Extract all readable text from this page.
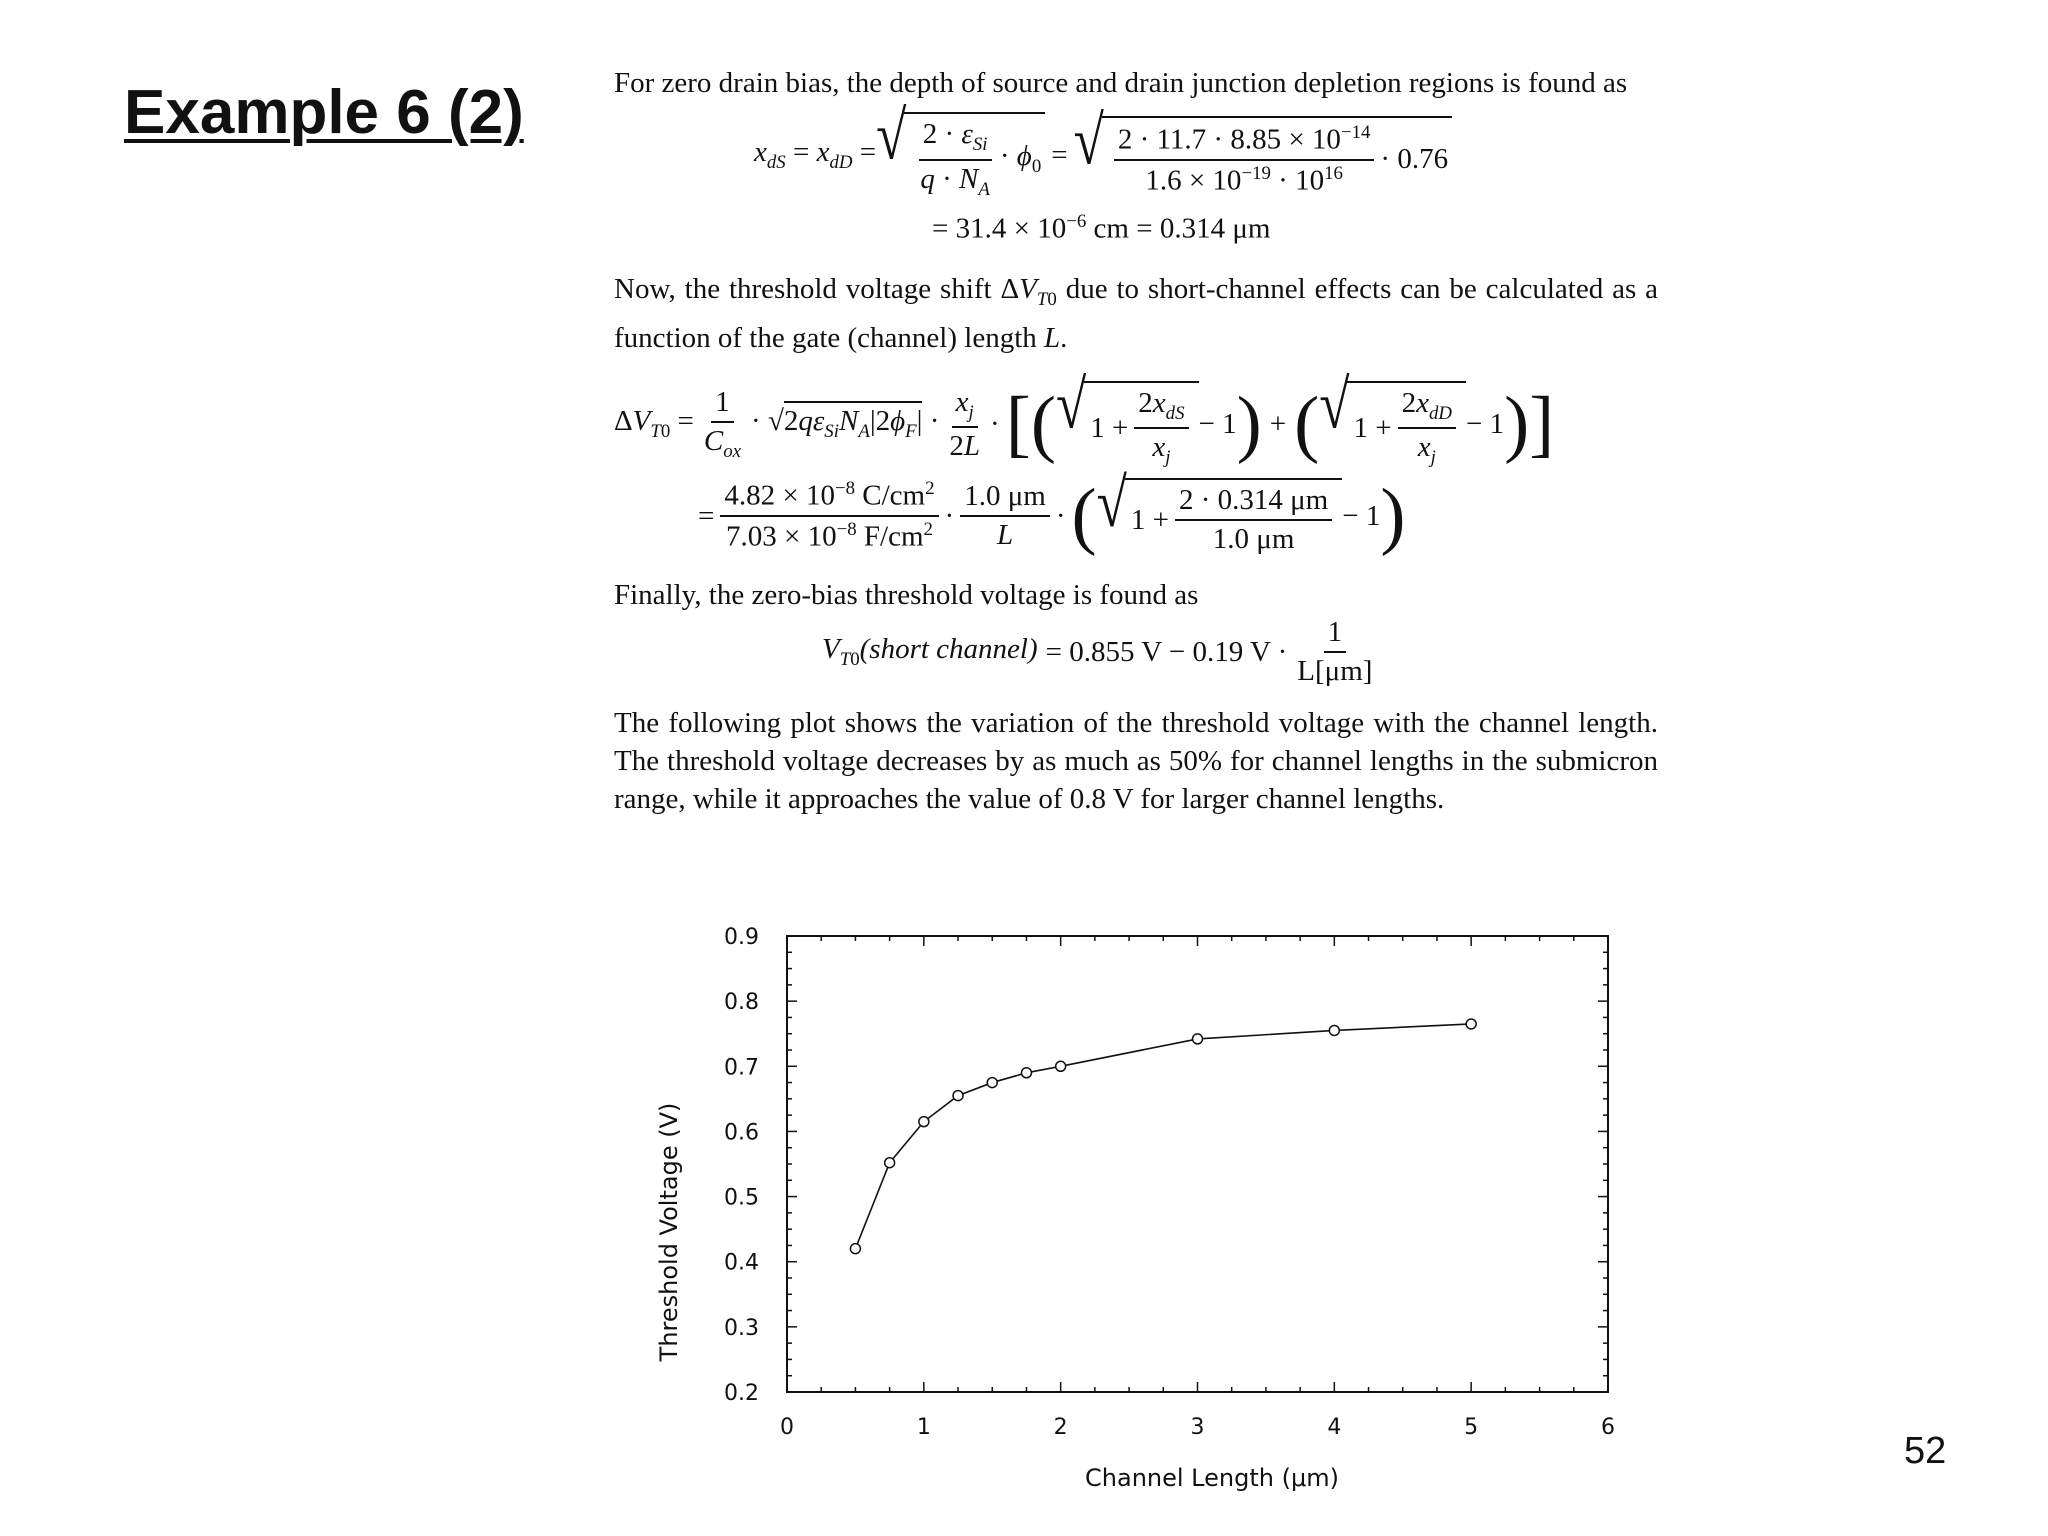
Example 6 (2)	For zero drain bias, the depth of source and drain junction depletion regions is found as

$x_{dS} = x_{dD}$ = √ $\frac{2 \cdot \varepsilon_{Si}}{q \cdot N_A} \cdot \phi_0$ = √ $\frac{2 \cdot 11.7 \cdot 8.85 \times 10^{-14}}{1.6 \times 10^{-19} \cdot 10^{16}} \cdot 0.76$
= $31.4 \times 10^{-6}$ cm = 0.314 μm

Now, the threshold voltage shift $\Delta V_{T0}$ due to short-channel effects can be calculated as a function of the gate (channel) length L.

$\Delta V_{T0} = \frac{1}{C_{ox}} \cdot √2q\varepsilon_{Si}N_A|2\phi_F| \cdot \frac{x_j}{2L}$ · [( √ $1 + \frac{2x_{dS}}{x_j} - 1$ ) + ( √ $1 + \frac{2x_{dD}}{x_j} - 1$ )]
= $\frac{4.82 \times 10^{-8} C/cm^2}{7.03 \times 10^{-8} F/cm^2} \cdot \frac{1.0 \mu m}{L}$ · ( √ $1 + \frac{2 \cdot 0.314 \mu m}{1.0 \mu m} - 1$ )

Finally, the zero-bias threshold voltage is found as

$V_{T0}(short$ channel) = 0.855 V − 0.19 $V \cdot \frac{1}{L[\mu m]}$

The following plot shows the variation of the threshold voltage with the channel length. The threshold voltage decreases by as much as 50% for channel lengths in the submicron range, while it approaches the value of 0.8 V for larger channel lengths.

0	1	2	3	4	5	6
0.2
0.3
0.4
0.5
0.6
0.7
0.8
0.9
Channel Length (μm)
Threshold Voltage (V)
52
